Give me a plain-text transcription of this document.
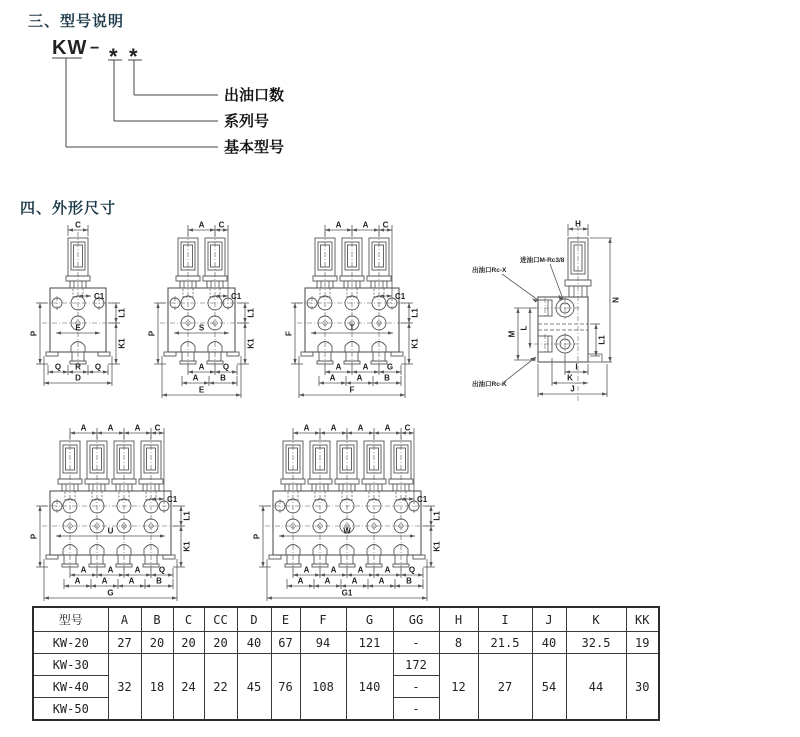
三、型号说明
KW − * *
出油口数
系列号
基本型号
四、外形尺寸
C
C1
P
L1
K1
E
Q R Q
D
A C
C1
P
L1
K1
S
A Q
A	B
E
A	A C
C1
F
L1
K1
T
A	A G
A	A	B
F
H
N
M
L
L1
出油口Rc-X
进油口M-Rc3/8
出油口Rc-K
I
K
J
A	A	A C
C1
P
L1
K1
U
A	A	A Q
A	A	A	B
G
A	A	A	A C
C1
P
L1
K1
W
A	A	A	A Q
A	A	A	A	B
G1
型号	A	B	C	CC	D	E	F	G	GG	H	I	J	K	KK
KW-20	27	20	20	20	40	67	94	121	-	8	21.5	40	32.5	19
KW-30	32	18	24	22	45	76	108	140	172	12	27	54	44	30
KW-40									-					
KW-50									-					
